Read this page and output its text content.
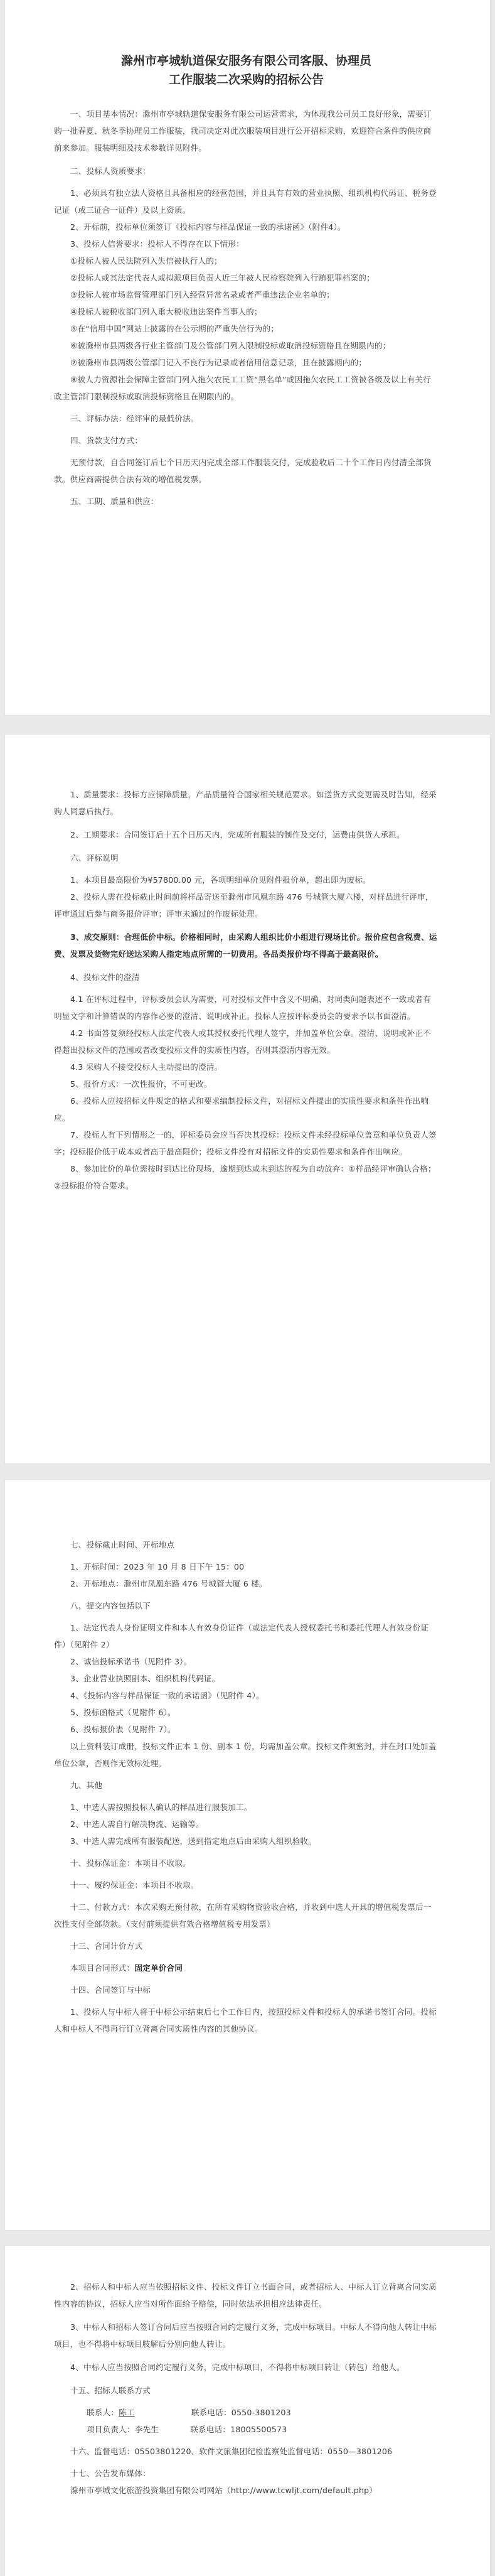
滁州市亭城轨道保安服务有限公司客服、协理员
工作服装二次采购的招标公告

一、项目基本情况：滁州市亭城轨道保安服务有限公司运营需求，为体现我公司员工良好形象，需要订购一批春夏、秋冬季协理员工作服装，我司决定对此次服装项目进行公开招标采购，欢迎符合条件的供应商前来参加。服装明细及技术参数详见附件。

二、投标人资质要求：

1、必须具有独立法人资格且具备相应的经营范围，并且具有有效的营业执照、组织机构代码证、税务登记证（或三证合一证件）及以上资质。

2、开标前，投标单位须签订《投标内容与样品保证一致的承诺函》（附件4）。

3、投标人信誉要求：投标人不得存在以下情形：

①投标人被人民法院列入失信被执行人的；

②投标人或其法定代表人或拟派项目负责人近三年被人民检察院列入行贿犯罪档案的；

③投标人被市场监督管理部门列入经营异常名录或者严重违法企业名单的；

④投标人被税收部门列入重大税收违法案件当事人的；

⑤在“信用中国”网站上披露的在公示期的严重失信行为的；

⑥被滁州市县两级各行业主管部门及公管部门列入限制投标或取消投标资格且在期限内的；

⑦被滁州市县两级公管部门记入不良行为记录或者信用信息记录，且在披露期内的；

⑧被人力资源社会保障主管部门列入拖欠农民工工资“黑名单”或因拖欠农民工工资被各级及以上有关行政主管部门限制投标或取消投标资格且在期限内的。

三、评标办法：经评审的最低价法。

四、货款支付方式：

无预付款，自合同签订后七个日历天内完成全部工作服装交付，完成验收后二十个工作日内付清全部货款。供应商需提供合法有效的增值税发票。

五、工期、质量和供应：

1、质量要求：投标方应保障质量，产品质量符合国家相关规范要求。如送货方式变更需及时告知，经采购人同意后执行。

2、工期要求：合同签订后十五个日历天内，完成所有服装的制作及交付，运费由供货人承担。

六、评标说明

1、本项目最高限价为¥57800.00 元，各项明细单价见附件报价单，超出即为废标。

2、投标人需在投标截止时间前将样品寄送至滁州市凤凰东路 476 号城管大厦六楼，对样品进行评审，评审通过后参与商务报价评审；评审未通过的作废标处理。

3、成交原则：合理低价中标。价格相同时，由采购人组织比价小组进行现场比价。报价应包含税费、运费、发票及货物完好送达采购人指定地点所需的一切费用。各品类报价均不得高于最高限价。

4、投标文件的澄清

4.1 在评标过程中，评标委员会认为需要，可对投标文件中含义不明确、对同类问题表述不一致或者有明显文字和计算错误的内容作必要的澄清、说明或补正。投标人应按评标委员会的要求予以书面澄清。

4.2 书面答复须经投标人法定代表人或其授权委托代理人签字，并加盖单位公章。澄清、说明或补正不得超出投标文件的范围或者改变投标文件的实质性内容，否则其澄清内容无效。

4.3 采购人不接受投标人主动提出的澄清。

5、报价方式：一次性报价，不可更改。

6、投标人应按招标文件规定的格式和要求编制投标文件，对招标文件提出的实质性要求和条件作出响应。

7、投标人有下列情形之一的，评标委员会应当否决其投标：投标文件未经投标单位盖章和单位负责人签字；投标报价低于成本或者高于最高限价；投标文件没有对招标文件的实质性要求和条件作出响应。

8、参加比价的单位需按时到达比价现场，逾期到达或未到达的视为自动放弃：①样品经评审确认合格；②投标报价符合要求。

七、投标截止时间、开标地点

1、开标时间：2023 年 10 月 8 日下午 15：00

2、开标地点：滁州市凤凰东路 476 号城管大厦 6 楼。

八、提交内容包括以下

1、法定代表人身份证明文件和本人有效身份证件（或法定代表人授权委托书和委托代理人有效身份证件）（见附件 2）

2、诚信投标承诺书（见附件 3）。

3、企业营业执照副本、组织机构代码证。

4、《投标内容与样品保证一致的承诺函》（见附件 4）。

5、投标函格式（见附件 6）。

6、投标报价表（见附件 7）。

以上资料装订成册，投标文件正本 1 份、副本 1 份，均需加盖公章。投标文件须密封，并在封口处加盖单位公章，否则作无效标处理。

九、其他

1、中选人需按照投标人确认的样品进行服装加工。

2、中选人需自行解决物流、运输等。

3、中选人需完成所有服装配送，送到指定地点后由采购人组织验收。

十、投标保证金：本项目不收取。

十一、履约保证金：本项目不收取。

十二、付款方式：本次采购无预付款，在所有采购物资验收合格，并收到中选人开具的增值税发票后一次性支付全部货款。（支付前须提供有效合格增值税专用发票）

十三、合同计价方式

本项目合同形式：固定单价合同

十四、合同签订与中标

1、投标人与中标人将于中标公示结束后七个工作日内，按照投标文件和投标人的承诺书签订合同。投标人和中标人不得再行订立背离合同实质性内容的其他协议。

2、招标人和中标人应当依照招标文件、投标文件订立书面合同，或者招标人、中标人订立背离合同实质性内容的协议，招标人应当对所作面给予赔偿，同时依法承担相应法律责任。

3、中标人和招标人签订合同后应当按照合同约定履行义务，完成中标项目。中标人不得向他人转让中标项目，也不得将中标项目肢解后分别向他人转让。

4、中标人应当按照合同约定履行义务，完成中标项目，不得将中标项目转让（转包）给他人。

十五、招标人联系方式

联系人：陈工	联系电话：0550-3801203

项目负责人：李先生	联系电话：18005500573

十六、监督电话：05503801220、软件文旅集团纪检监察处监督电话：0550—3801206

十七、公告发布媒体：

滁州市亭城文化旅游投资集团有限公司网站（http://www.tcwljt.com/default.php）
